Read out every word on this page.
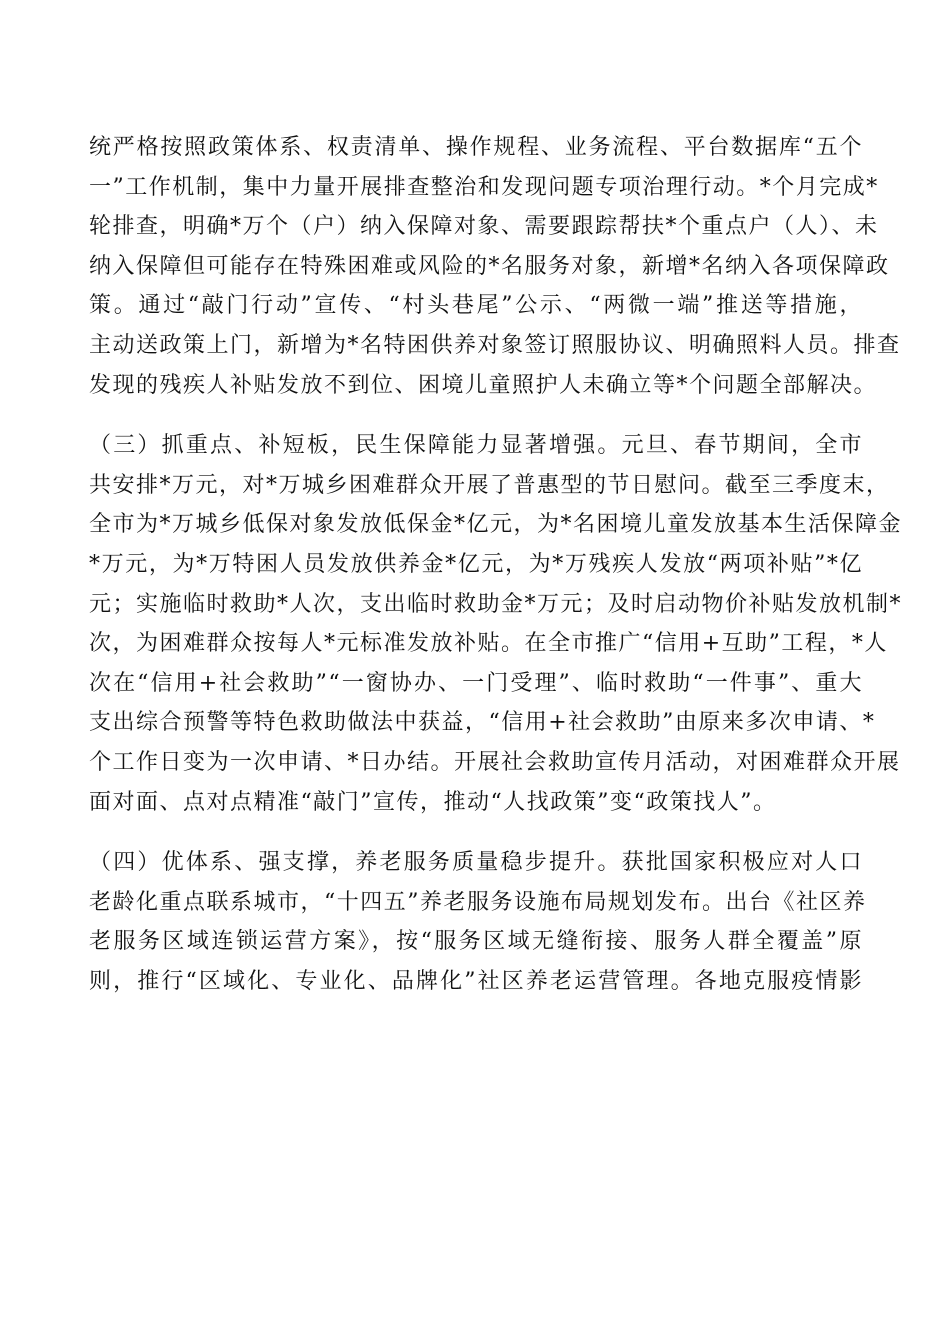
统严格按照政策体系、权责清单、操作规程、业务流程、平台数据库“五个
一”工作机制，集中力量开展排查整治和发现问题专项治理行动。*个月完成*
轮排查，明确*万个（户）纳入保障对象、需要跟踪帮扶*个重点户（人）、未
纳入保障但可能存在特殊困难或风险的*名服务对象，新增*名纳入各项保障政
策。通过“敲门行动”宣传、“村头巷尾”公示、“两微一端”推送等措施，
主动送政策上门，新增为*名特困供养对象签订照服协议、明确照料人员。排查
发现的残疾人补贴发放不到位、困境儿童照护人未确立等*个问题全部解决。
（三）抓重点、补短板，民生保障能力显著增强。元旦、春节期间，全市
共安排*万元，对*万城乡困难群众开展了普惠型的节日慰问。截至三季度末，
全市为*万城乡低保对象发放低保金*亿元，为*名困境儿童发放基本生活保障金
*万元，为*万特困人员发放供养金*亿元，为*万残疾人发放“两项补贴”*亿
元；实施临时救助*人次，支出临时救助金*万元；及时启动物价补贴发放机制*
次，为困难群众按每人*元标准发放补贴。在全市推广“信用+互助”工程，*人
次在“信用+社会救助”“一窗协办、一门受理”、临时救助“一件事”、重大
支出综合预警等特色救助做法中获益，“信用+社会救助”由原来多次申请、*
个工作日变为一次申请、*日办结。开展社会救助宣传月活动，对困难群众开展
面对面、点对点精准“敲门”宣传，推动“人找政策”变“政策找人”。
（四）优体系、强支撑，养老服务质量稳步提升。获批国家积极应对人口
老龄化重点联系城市，“十四五”养老服务设施布局规划发布。出台《社区养
老服务区域连锁运营方案》，按“服务区域无缝衔接、服务人群全覆盖”原
则，推行“区域化、专业化、品牌化”社区养老运营管理。各地克服疫情影
